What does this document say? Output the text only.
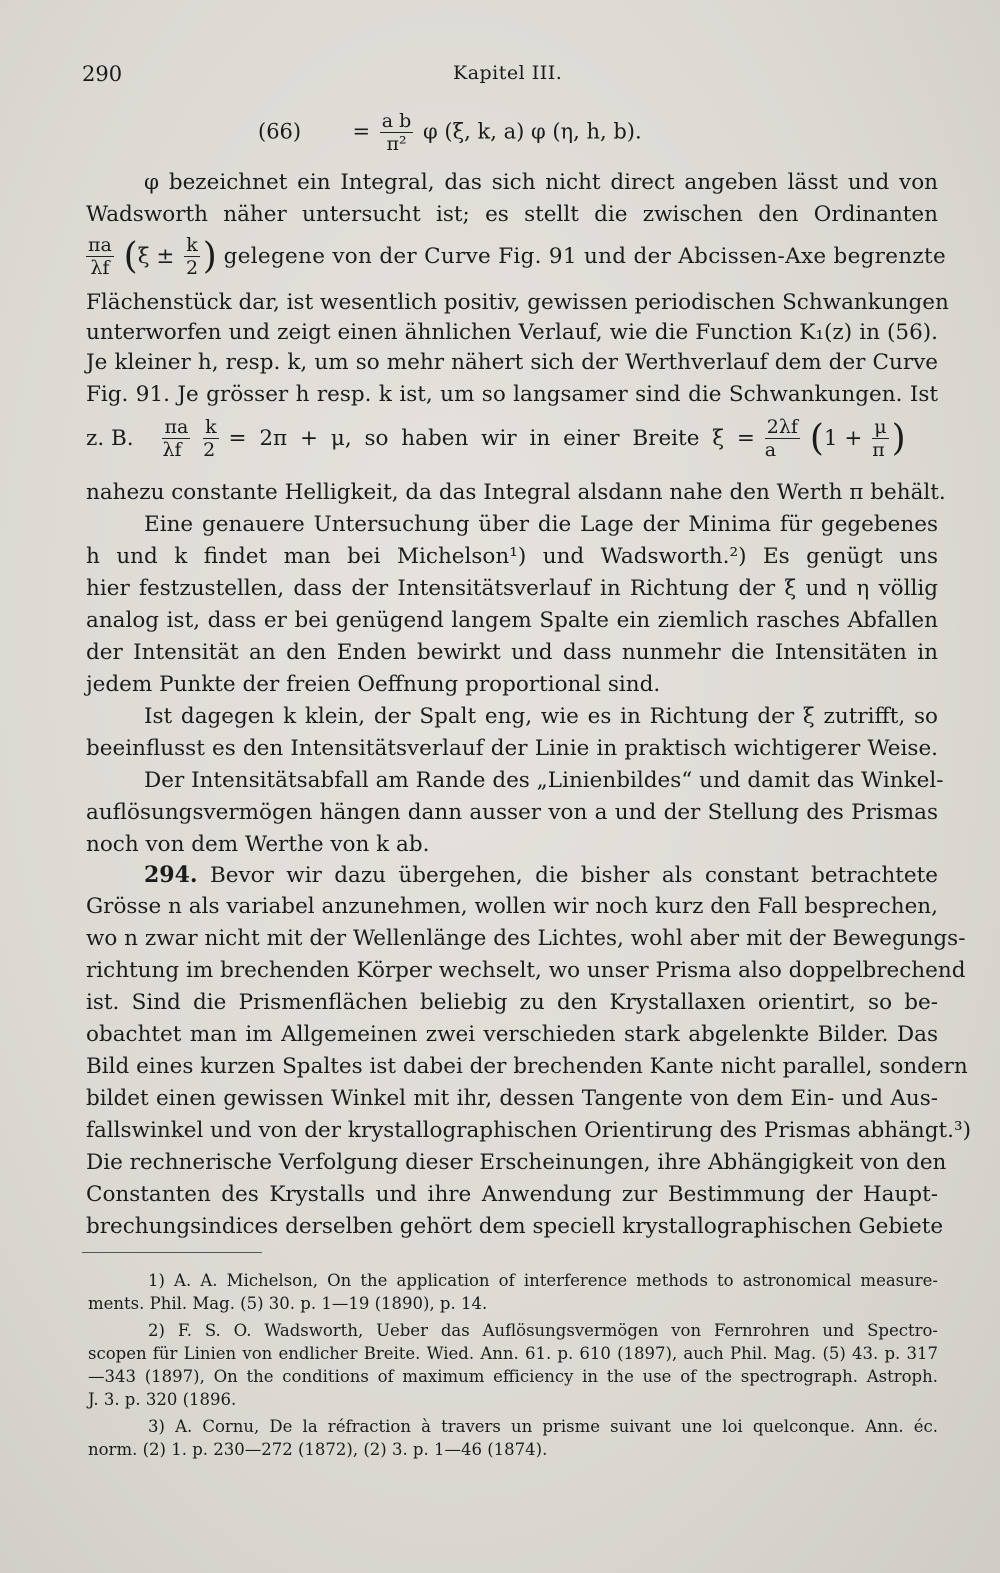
290	Kapitel III.
$(66) = \frac{\text{a b}}{\text{π²}}$ φ (ξ, k, a) φ (η, h, b).
φ bezeichnet ein Integral, das sich nicht direct angeben lässt und von
Wadsworth näher untersucht ist; es stellt die zwischen den Ordinanten
$\frac{\pi a}{\lambda f} (\xi \pm \frac{k}{2}$ ) gelegene von der Curve Fig. 91 und der Abcissen-Axe begrenzte
Flächenstück dar, ist wesentlich positiv, gewissen periodischen Schwankungen
unterworfen und zeigt einen ähnlichen Verlauf, wie die Function K₁(z) in (56).
Je kleiner h, resp. k, um so mehr nähert sich der Werthverlauf dem der Curve
Fig. 91. Je grösser h resp. k ist, um so langsamer sind die Schwankungen. Ist
z. B. $\frac{\pi a}{\lambda f}$
$\frac{k}{2} = 2\pi + \mu$, so haben wir in einer Breite $\xi = \frac{2\lambda f}{a} (1 + \frac{\mu}{\pi}$ )
nahezu constante Helligkeit, da das Integral alsdann nahe den Werth π behält.
Eine genauere Untersuchung über die Lage der Minima für gegebenes
h und k findet man bei Michelson¹) und Wadsworth.²) Es genügt uns
hier festzustellen, dass der Intensitätsverlauf in Richtung der ξ und η völlig
analog ist, dass er bei genügend langem Spalte ein ziemlich rasches Abfallen
der Intensität an den Enden bewirkt und dass nunmehr die Intensitäten in
jedem Punkte der freien Oeffnung proportional sind.
Ist dagegen k klein, der Spalt eng, wie es in Richtung der ξ zutrifft, so
beeinflusst es den Intensitätsverlauf der Linie in praktisch wichtigerer Weise.
Der Intensitätsabfall am Rande des „Linienbildes“ und damit das Winkel-
auflösungsvermögen hängen dann ausser von a und der Stellung des Prismas
noch von dem Werthe von k ab.
294. Bevor wir dazu übergehen, die bisher als constant betrachtete
Grösse n als variabel anzunehmen, wollen wir noch kurz den Fall besprechen,
wo n zwar nicht mit der Wellenlänge des Lichtes, wohl aber mit der Bewegungs-
richtung im brechenden Körper wechselt, wo unser Prisma also doppelbrechend
ist. Sind die Prismenflächen beliebig zu den Krystallaxen orientirt, so be-
obachtet man im Allgemeinen zwei verschieden stark abgelenkte Bilder. Das
Bild eines kurzen Spaltes ist dabei der brechenden Kante nicht parallel, sondern
bildet einen gewissen Winkel mit ihr, dessen Tangente von dem Ein- und Aus-
fallswinkel und von der krystallographischen Orientirung des Prismas abhängt.³)
Die rechnerische Verfolgung dieser Erscheinungen, ihre Abhängigkeit von den
Constanten des Krystalls und ihre Anwendung zur Bestimmung der Haupt-
brechungsindices derselben gehört dem speciell krystallographischen Gebiete
1) A. A. Michelson, On the application of interference methods to astronomical measure-
ments. Phil. Mag. (5) 30. p. 1—19 (1890), p. 14.
2) F. S. O. Wadsworth, Ueber das Auflösungsvermögen von Fernrohren und Spectro-
scopen für Linien von endlicher Breite. Wied. Ann. 61. p. 610 (1897), auch Phil. Mag. (5) 43. p. 317
—343 (1897), On the conditions of maximum efficiency in the use of the spectrograph. Astroph.
J. 3. p. 320 (1896.
3) A. Cornu, De la réfraction à travers un prisme suivant une loi quelconque. Ann. éc.
norm. (2) 1. p. 230—272 (1872), (2) 3. p. 1—46 (1874).
